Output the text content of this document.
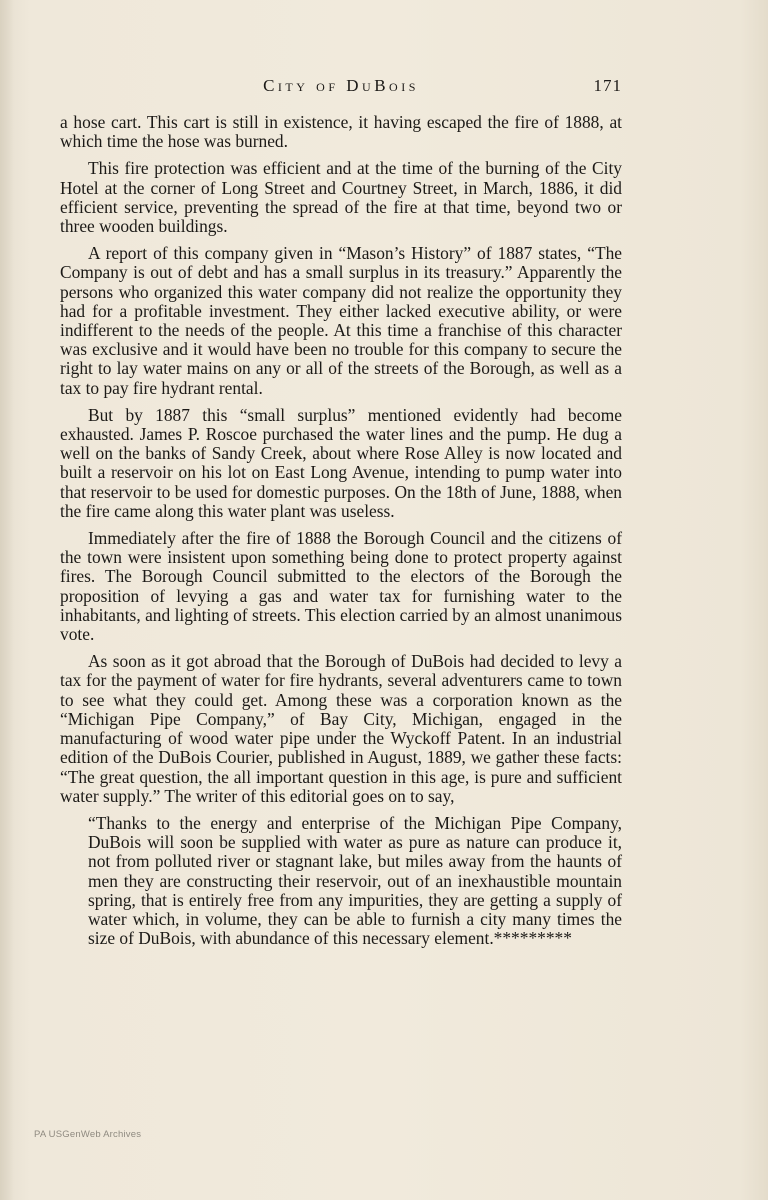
City of DuBois	171

a hose cart. This cart is still in existence, it having escaped the fire of 1888, at which time the hose was burned.

This fire protection was efficient and at the time of the burning of the City Hotel at the corner of Long Street and Courtney Street, in March, 1886, it did efficient service, preventing the spread of the fire at that time, beyond two or three wooden buildings.

A report of this company given in “Mason’s History” of 1887 states, “The Company is out of debt and has a small surplus in its treasury.” Apparently the persons who organized this water company did not realize the opportunity they had for a profitable investment. They either lacked executive ability, or were indifferent to the needs of the people. At this time a franchise of this character was exclusive and it would have been no trouble for this company to secure the right to lay water mains on any or all of the streets of the Borough, as well as a tax to pay fire hydrant rental.

But by 1887 this “small surplus” mentioned evidently had become exhausted. James P. Roscoe purchased the water lines and the pump. He dug a well on the banks of Sandy Creek, about where Rose Alley is now located and built a reservoir on his lot on East Long Avenue, intending to pump water into that reservoir to be used for domestic purposes. On the 18th of June, 1888, when the fire came along this water plant was useless.

Immediately after the fire of 1888 the Borough Council and the citizens of the town were insistent upon something being done to protect property against fires. The Borough Council submitted to the electors of the Borough the proposition of levying a gas and water tax for furnishing water to the inhabitants, and lighting of streets. This election carried by an almost unanimous vote.

As soon as it got abroad that the Borough of DuBois had decided to levy a tax for the payment of water for fire hydrants, several adventurers came to town to see what they could get. Among these was a corporation known as the “Michigan Pipe Company,” of Bay City, Michigan, engaged in the manufacturing of wood water pipe under the Wyckoff Patent. In an industrial edition of the DuBois Courier, published in August, 1889, we gather these facts: “The great question, the all important question in this age, is pure and sufficient water supply.” The writer of this editorial goes on to say,

“Thanks to the energy and enterprise of the Michigan Pipe Company, DuBois will soon be supplied with water as pure as nature can produce it, not from polluted river or stagnant lake, but miles away from the haunts of men they are constructing their reservoir, out of an inexhaustible mountain spring, that is entirely free from any impurities, they are getting a supply of water which, in volume, they can be able to furnish a city many times the size of DuBois, with abundance of this necessary element.*********

PA USGenWeb Archives
